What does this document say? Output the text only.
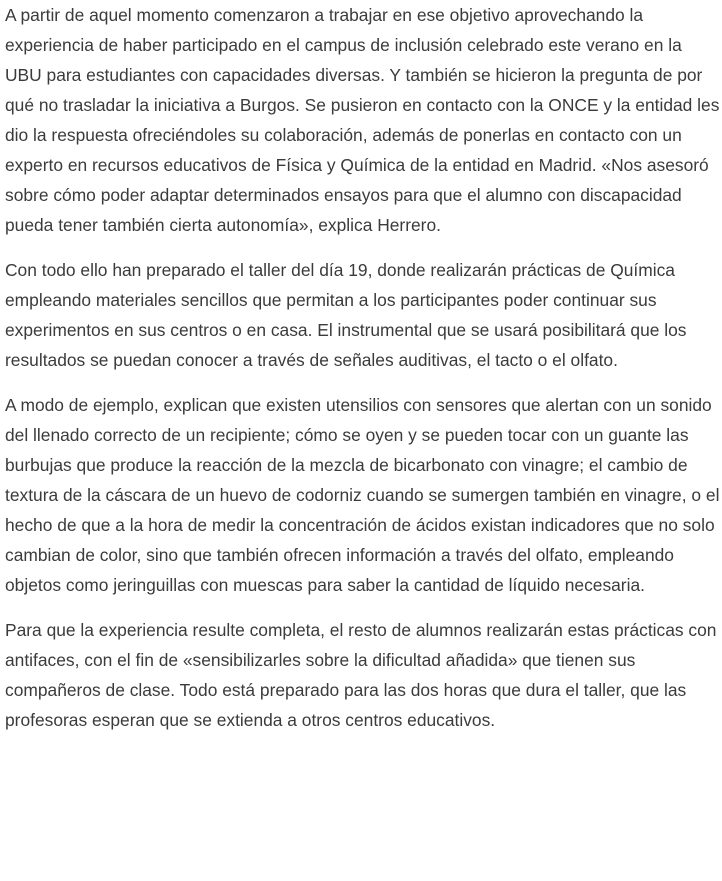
A partir de aquel momento comenzaron a trabajar en ese objetivo aprovechando la experiencia de haber participado en el campus de inclusión celebrado este verano en la UBU para estudiantes con capacidades diversas. Y también se hicieron la pregunta de por qué no trasladar la iniciativa a Burgos. Se pusieron en contacto con la ONCE y la entidad les dio la respuesta ofreciéndoles su colaboración, además de ponerlas en contacto con un experto en recursos educativos de Física y Química de la entidad en Madrid. «Nos asesoró sobre cómo poder adaptar determinados ensayos para que el alumno con discapacidad pueda tener también cierta autonomía», explica Herrero.

Con todo ello han preparado el taller del día 19, donde realizarán prácticas de Química empleando materiales sencillos que permitan a los participantes poder continuar sus experimentos en sus centros o en casa. El instrumental que se usará posibilitará que los resultados se puedan conocer a través de señales auditivas, el tacto o el olfato.

A modo de ejemplo, explican que existen utensilios con sensores que alertan con un sonido del llenado correcto de un recipiente; cómo se oyen y se pueden tocar con un guante las burbujas que produce la reacción de la mezcla de bicarbonato con vinagre; el cambio de textura de la cáscara de un huevo de codorniz cuando se sumergen también en vinagre, o el hecho de que a la hora de medir la concentración de ácidos existan indicadores que no solo cambian de color, sino que también ofrecen información a través del olfato, empleando objetos como jeringuillas con muescas para saber la cantidad de líquido necesaria.

Para que la experiencia resulte completa, el resto de alumnos realizarán estas prácticas con antifaces, con el fin de «sensibilizarles sobre la dificultad añadida» que tienen sus compañeros de clase. Todo está preparado para las dos horas que dura el taller, que las profesoras esperan que se extienda a otros centros educativos.
